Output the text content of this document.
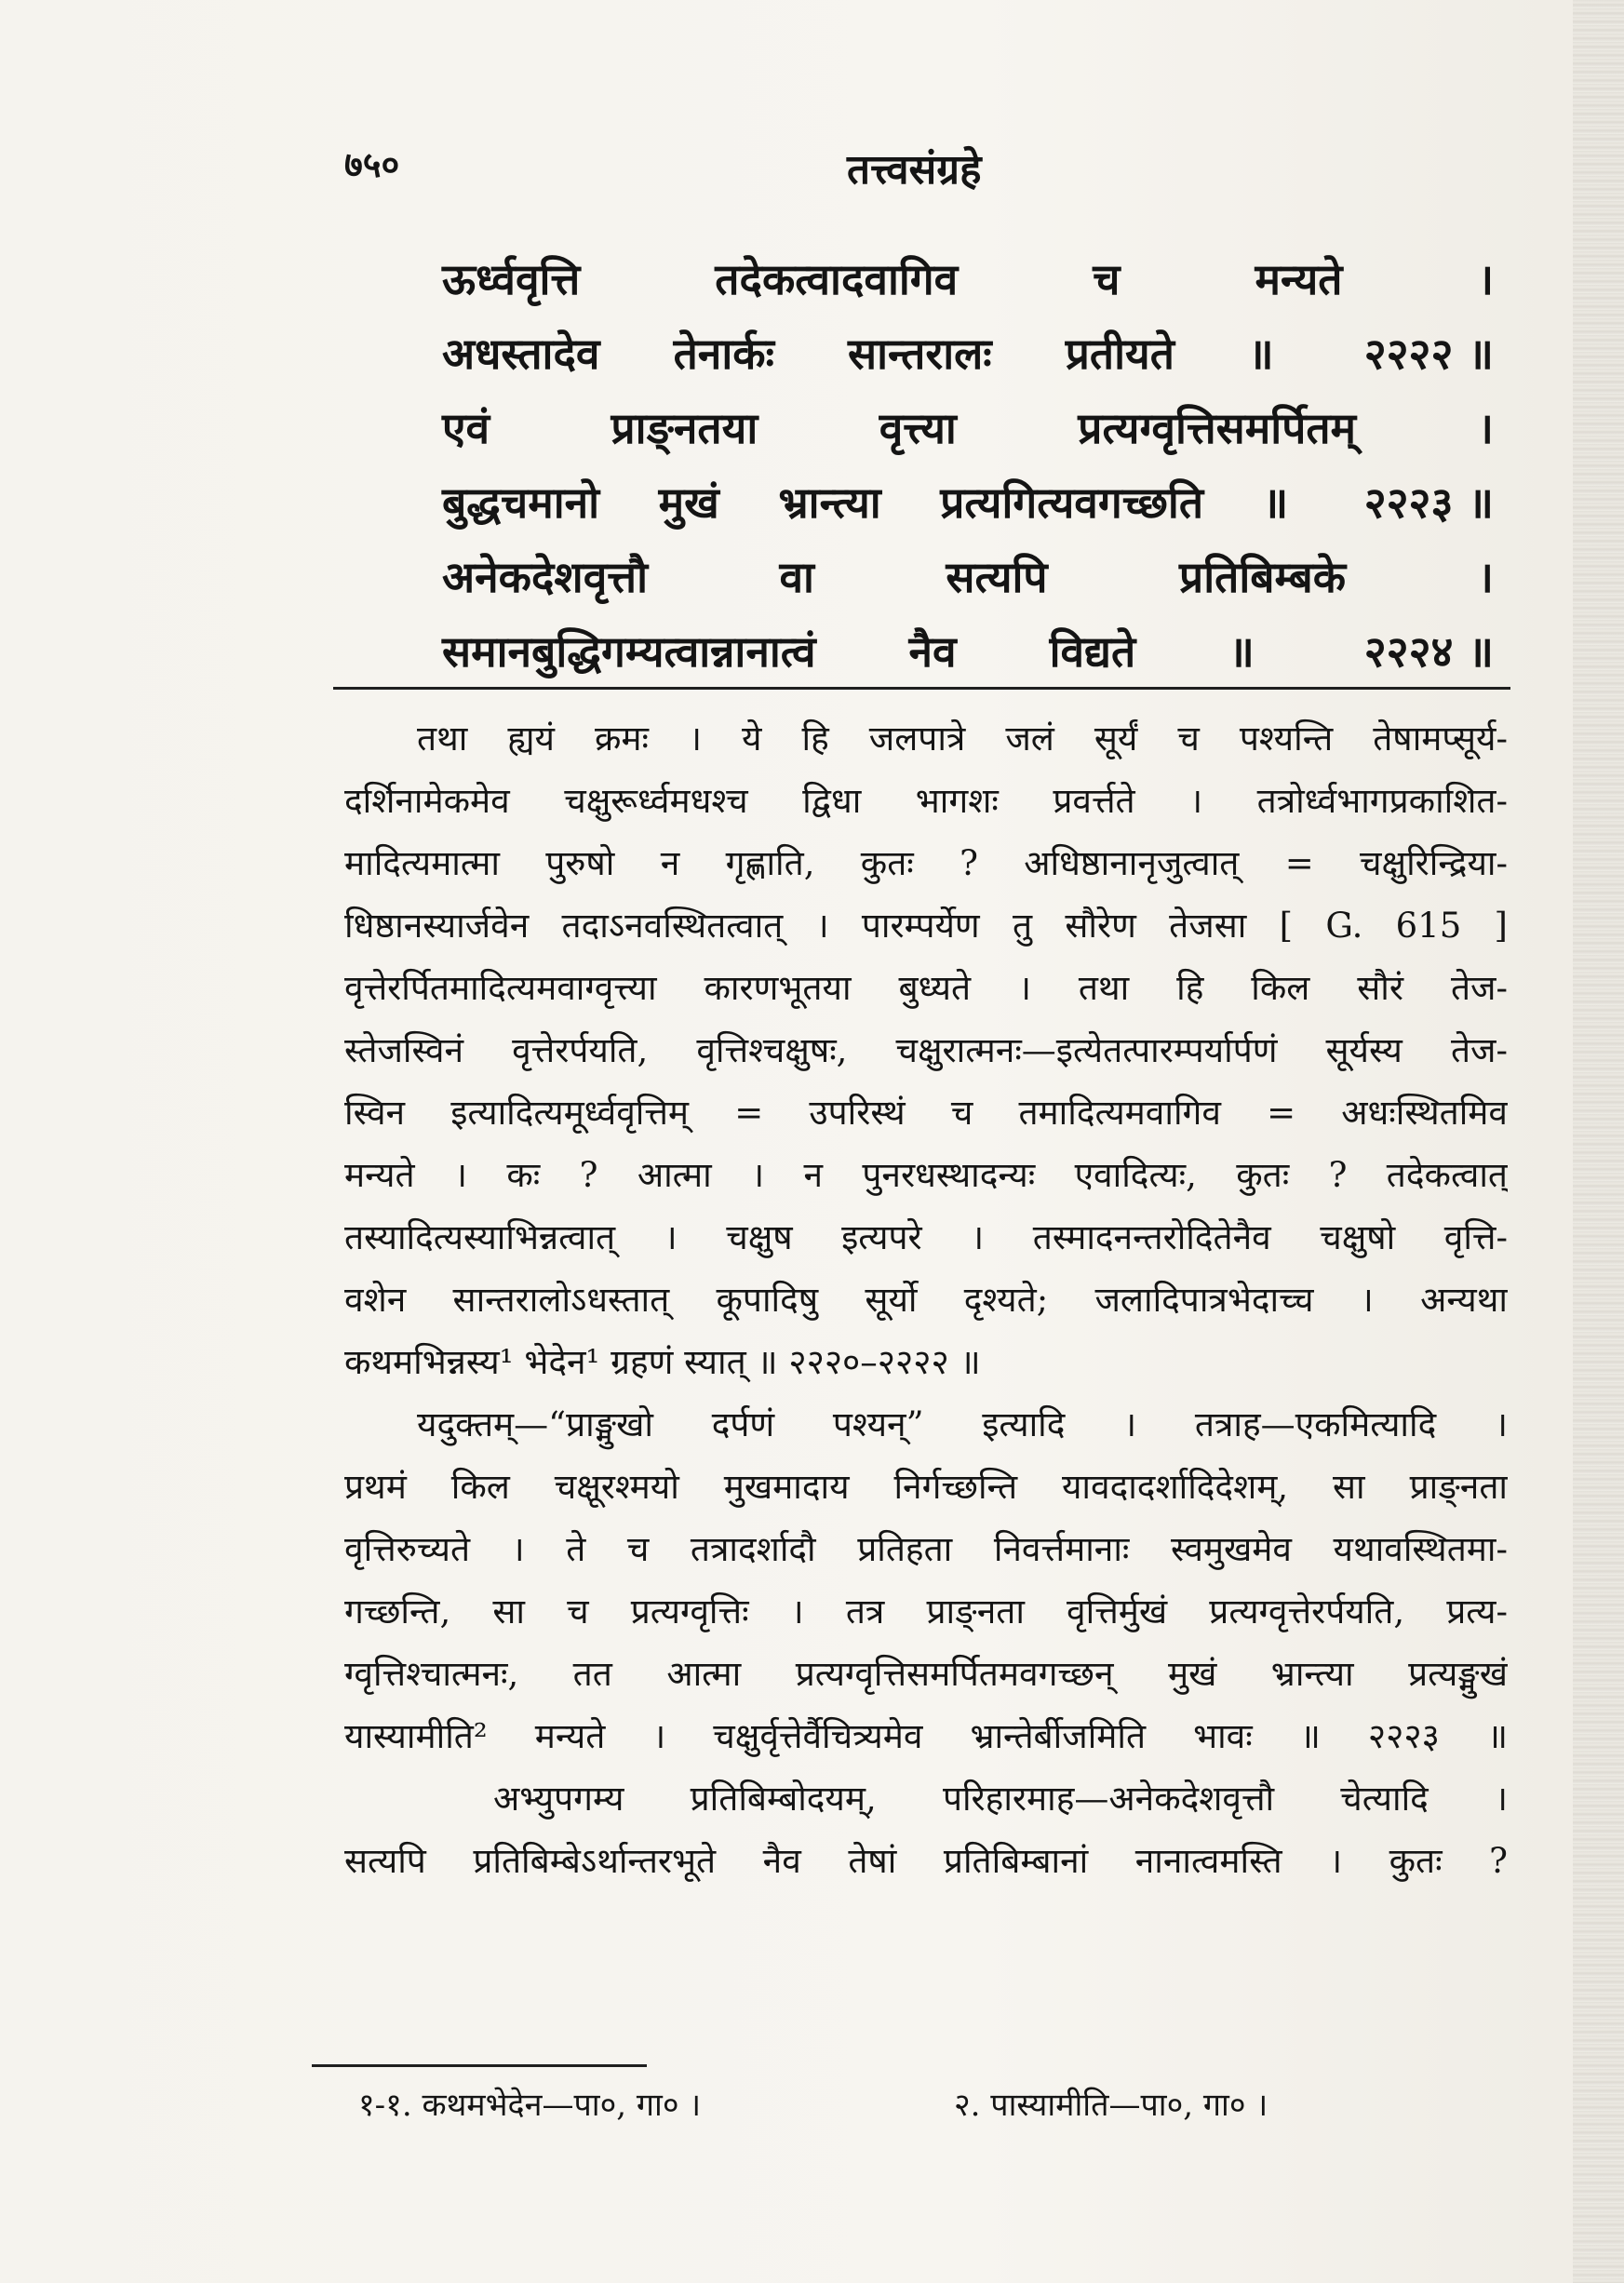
७५०	तत्त्वसंग्रहे
ऊर्ध्ववृत्ति	तदेकत्वादवागिव	च	मन्यते	।
अधस्तादेव तेनार्कः सान्तरालः प्रतीयते ॥ २२२२ ॥
एवं	प्राङ्नतया	वृत्त्या	प्रत्यग्वृत्तिसमर्पितम्	।
बुद्धचमानो मुखं भ्रान्त्या प्रत्यगित्यवगच्छति ॥ २२२३ ॥
अनेकदेशवृत्तौ	वा	सत्यपि	प्रतिबिम्बके	।
समानबुद्धिगम्यत्वान्नानात्वं नैव विद्यते ॥	२२२४ ॥
तथा ह्ययं क्रमः । ये हि जलपात्रे जलं सूर्यं च पश्यन्ति तेषामप्सूर्य-
दर्शिनामेकमेव चक्षुरूर्ध्वमधश्च द्विधा भागशः प्रवर्त्तते । तत्रोर्ध्वभागप्रकाशित-
मादित्यमात्मा पुरुषो न गृह्णाति, कुतः ? अधिष्ठानानृजुत्वात् = चक्षुरिन्द्रिया-
धिष्ठानस्यार्जवेन तदाऽनवस्थितत्वात् । पारम्पर्येण तु सौरेण तेजसा [ G. 615 ]
वृत्तेरर्पितमादित्यमवाग्वृत्त्या कारणभूतया बुध्यते । तथा हि किल सौरं तेज-
स्तेजस्विनं वृत्तेरर्पयति, वृत्तिश्चक्षुषः, चक्षुरात्मनः—इत्येतत्पारम्पर्यार्पणं सूर्यस्य तेज-
स्विन इत्यादित्यमूर्ध्ववृत्तिम् = उपरिस्थं च तमादित्यमवागिव = अधःस्थितमिव
मन्यते । कः ? आत्मा । न पुनरधस्थादन्यः एवादित्यः, कुतः ? तदेकत्वात्
तस्यादित्यस्याभिन्नत्वात् । चक्षुष इत्यपरे । तस्मादनन्तरोदितेनैव चक्षुषो वृत्ति-
वशेन सान्तरालोऽधस्तात् कूपादिषु सूर्यो दृश्यते; जलादिपात्रभेदाच्च । अन्यथा
कथमभिन्नस्य¹ भेदेन¹ ग्रहणं स्यात् ॥ २२२०–२२२२ ॥
यदुक्तम्—“प्राङ्मुखो दर्पणं पश्यन्” इत्यादि । तत्राह—एकमित्यादि ।
प्रथमं किल चक्षूरश्मयो मुखमादाय निर्गच्छन्ति यावदादर्शादिदेशम्, सा प्राङ्नता
वृत्तिरुच्यते । ते च तत्रादर्शादौ प्रतिहता निवर्त्तमानाः स्वमुखमेव यथावस्थितमा-
गच्छन्ति, सा च प्रत्यग्वृत्तिः । तत्र प्राङ्नता वृत्तिर्मुखं प्रत्यग्वृत्तेरर्पयति, प्रत्य-
ग्वृत्तिश्चात्मनः, तत आत्मा प्रत्यग्वृत्तिसमर्पितमवगच्छन् मुखं भ्रान्त्या प्रत्यङ्मुखं
यास्यामीति² मन्यते । चक्षुर्वृत्तेर्वैचित्र्यमेव भ्रान्तेर्बीजमिति भावः ॥ २२२३ ॥
अभ्युपगम्य प्रतिबिम्बोदयम्, परिहारमाह—अनेकदेशवृत्तौ चेत्यादि ।
सत्यपि प्रतिबिम्बेऽर्थान्तरभूते नैव तेषां प्रतिबिम्बानां नानात्वमस्ति । कुतः ?
१-१. कथमभेदेन—पा०, गा० ।	२. पास्यामीति—पा०, गा० ।
